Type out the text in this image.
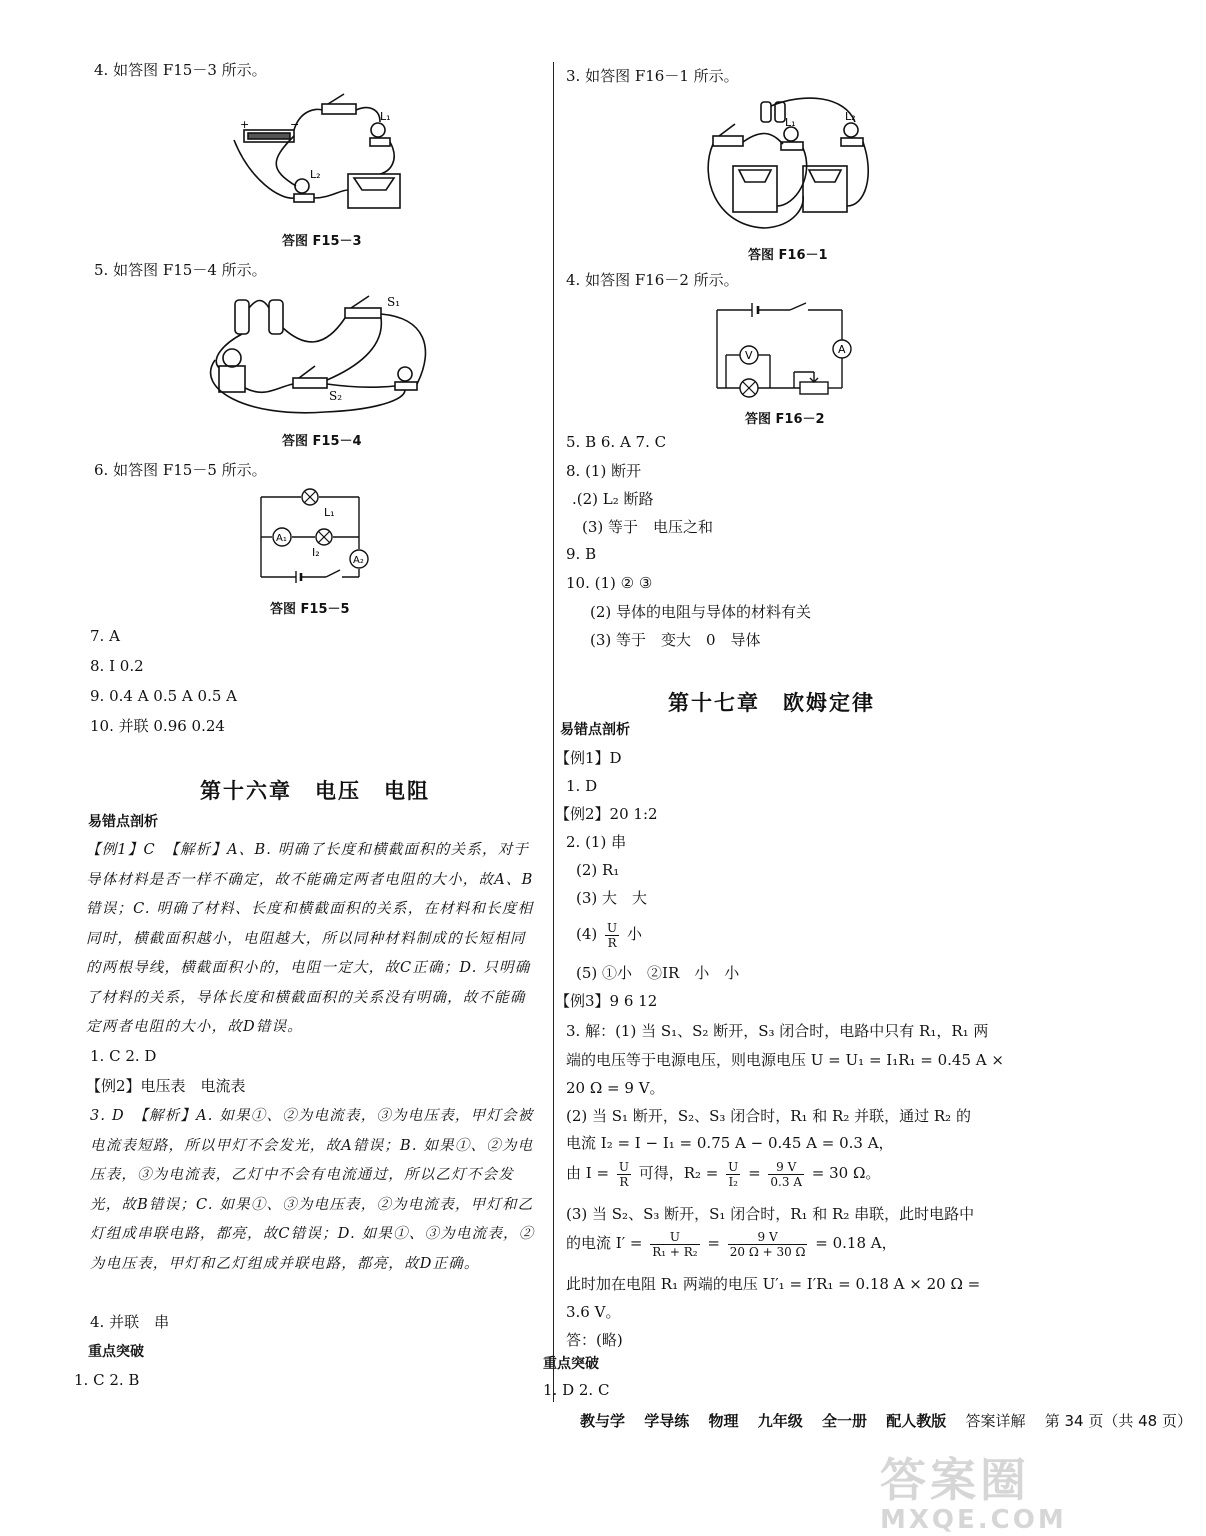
4. 如答图 F15－3 所示。
+	−
L₁
L₂
答图 F15－3
5. 如答图 F15－4 所示。
S₁
S₂
答图 F15－4
6. 如答图 F15－5 所示。
L₁
I₂
A₁
A₂
答图 F15－5
7. A
8. I 0.2
9. 0.4 A 0.5 A 0.5 A
10. 并联 0.96 0.24
第十六章　电压　电阻
易错点剖析
【例1】C　【解析】A、B. 明确了长度和横截面积的关系，对于导体材料是否一样不确定，故不能确定两者电阻的大小，故A、B错误；C. 明确了材料、长度和横截面积的关系，在材料和长度相同时，横截面积越小，电阻越大，所以同种材料制成的长短相同的两根导线，横截面积小的，电阻一定大，故C正确；D. 只明确了材料的关系，导体长度和横截面积的关系没有明确，故不能确定两者电阻的大小，故D错误。
1. C 2. D
【例2】电压表　电流表
3. D　【解析】A. 如果①、②为电流表，③为电压表，甲灯会被电流表短路，所以甲灯不会发光，故A错误；B. 如果①、②为电压表，③为电流表，乙灯中不会有电流通过，所以乙灯不会发光，故B错误；C. 如果①、③为电压表，②为电流表，甲灯和乙灯组成串联电路，都亮，故C错误；D. 如果①、③为电流表，②为电压表，甲灯和乙灯组成并联电路，都亮，故D正确。
4. 并联　串
重点突破
1. C 2. B
3. 如答图 F16－1 所示。
L₁	L₂
答图 F16－1
4. 如答图 F16－2 所示。
V	A
答图 F16－2
5. B 6. A 7. C
8. (1) 断开
.(2) L₂ 断路
(3) 等于　电压之和
9. B
10. (1) ② ③
(2) 导体的电阻与导体的材料有关
(3) 等于　变大　0　导体
第十七章　欧姆定律
易错点剖析
【例1】D
1. D
【例2】20 1:2
2. (1) 串
(2) R₁
(3) 大　大
$(4) \frac{U}{R}$ 小
(5) ①小　②IR　小　小
【例3】9 6 12
3. 解：(1) 当 S₁、S₂ 断开，S₃ 闭合时，电路中只有 R₁，R₁ 两
端的电压等于电源电压，则电源电压 U = U₁ = I₁R₁ = 0.45 A ×
20 Ω = 9 V。
(2) 当 S₁ 断开，S₂、S₃ 闭合时，R₁ 和 R₂ 并联，通过 R₂ 的
电流 I₂ = I − I₁ = 0.75 A − 0.45 A = 0.3 A，
由 $I = \frac{U}{R}$ 可得，$R_2 = \frac{U}{\text{I₂}} = \frac{9 V}{0.3 A} = 30$ Ω。
(3) 当 S₂、S₃ 断开，S₁ 闭合时，R₁ 和 R₂ 串联，此时电路中
的电流 $I' = \frac{U}{\text{R₁ + R₂}} = \frac{9 V}{20 \Omega + 30 \Omega} = 0.18$ A，
此时加在电阻 R₁ 两端的电压 U′₁ = I′R₁ = 0.18 A × 20 Ω =
3.6 V。
答：(略)
重点突破
1. D 2. C
教与学 学导练 物理 九年级 全一册 配人教版 答案详解 第 34 页（共 48 页）
答案圈
MXQE.COM
